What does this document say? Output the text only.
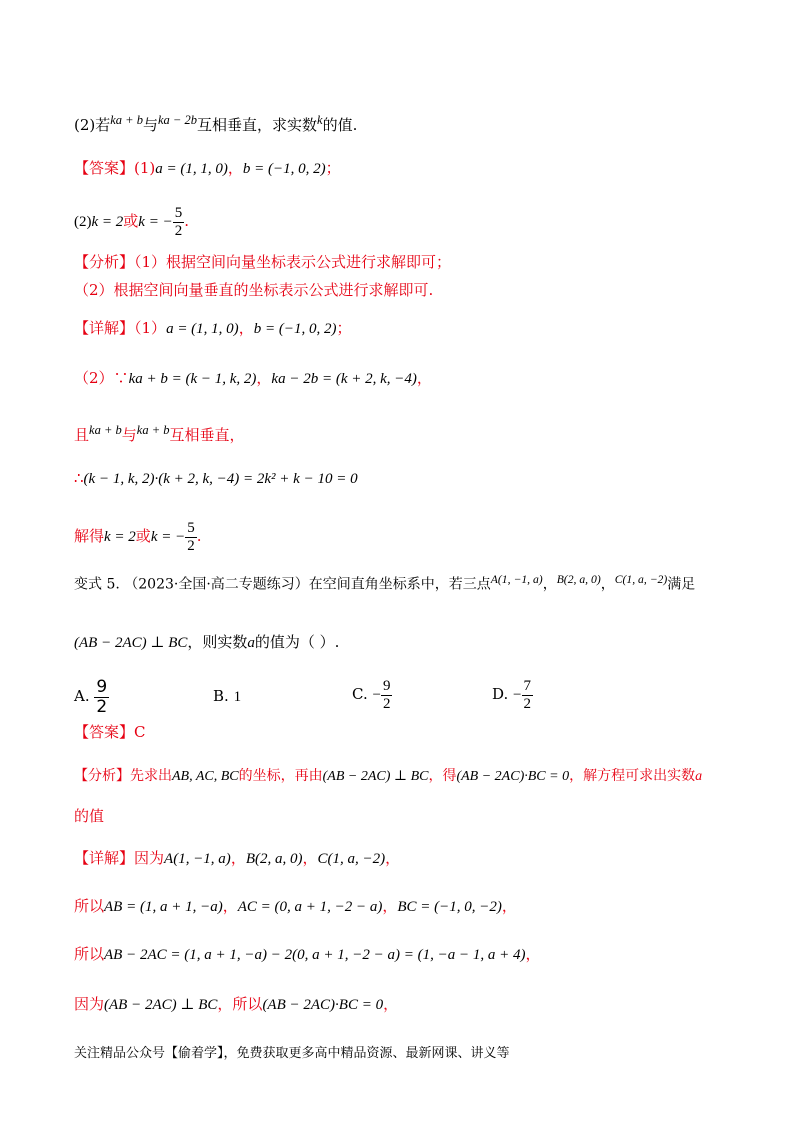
(2)若$^{ka + b}$与$^{ka - 2b}$互相垂直，求实数$^k$的值.
【答案】(1)a = (1, 1, 0)，b = (−1, 0, 2)；
(2)k = 2或k = − $\frac{5}{2}$ .
【分析】（1）根据空间向量坐标表示公式进行求解即可；
（2）根据空间向量垂直的坐标表示公式进行求解即可.
【详解】（1）a = (1, 1, 0)，b = (−1, 0, 2)；
（2）∵ka + b = (k − 1, k, 2)，ka − 2b = (k + 2, k, −4)，
且$^{ka + b}$与$^{ka + b}$互相垂直，
∴(k − 1, k, 2)·(k + 2, k, −4) = 2k² + k − 10 = 0
解得k = 2或k = − $\frac{5}{2}$ .
变式 5. （2023·全国·高二专题练习）在空间直角坐标系中，若三点$^{A(1, -1, a)}$，$^{B(2, a, 0)}$，$^{C(1, a, -2)}$满足
(AB − 2AC) ⊥ BC，则实数a的值为（ ）.
A. $\frac{9}{2}$	B. 1	C. − $\frac{9}{2}$	D. − $\frac{7}{2}$
【答案】C
【分析】先求出AB, AC, BC的坐标，再由(AB − 2AC) ⊥ BC，得(AB − 2AC)·BC = 0，解方程可求出实数a
的值
【详解】因为A(1, −1, a)，B(2, a, 0)，C(1, a, −2)，
所以AB = (1, a + 1, −a)，AC = (0, a + 1, −2 − a)，BC = (−1, 0, −2)，
所以AB − 2AC = (1, a + 1, −a) − 2(0, a + 1, −2 − a) = (1, −a − 1, a + 4)，
因为(AB − 2AC) ⊥ BC，所以(AB − 2AC)·BC = 0，
关注精品公众号【偷着学】，免费获取更多高中精品资源、最新网课、讲义等
